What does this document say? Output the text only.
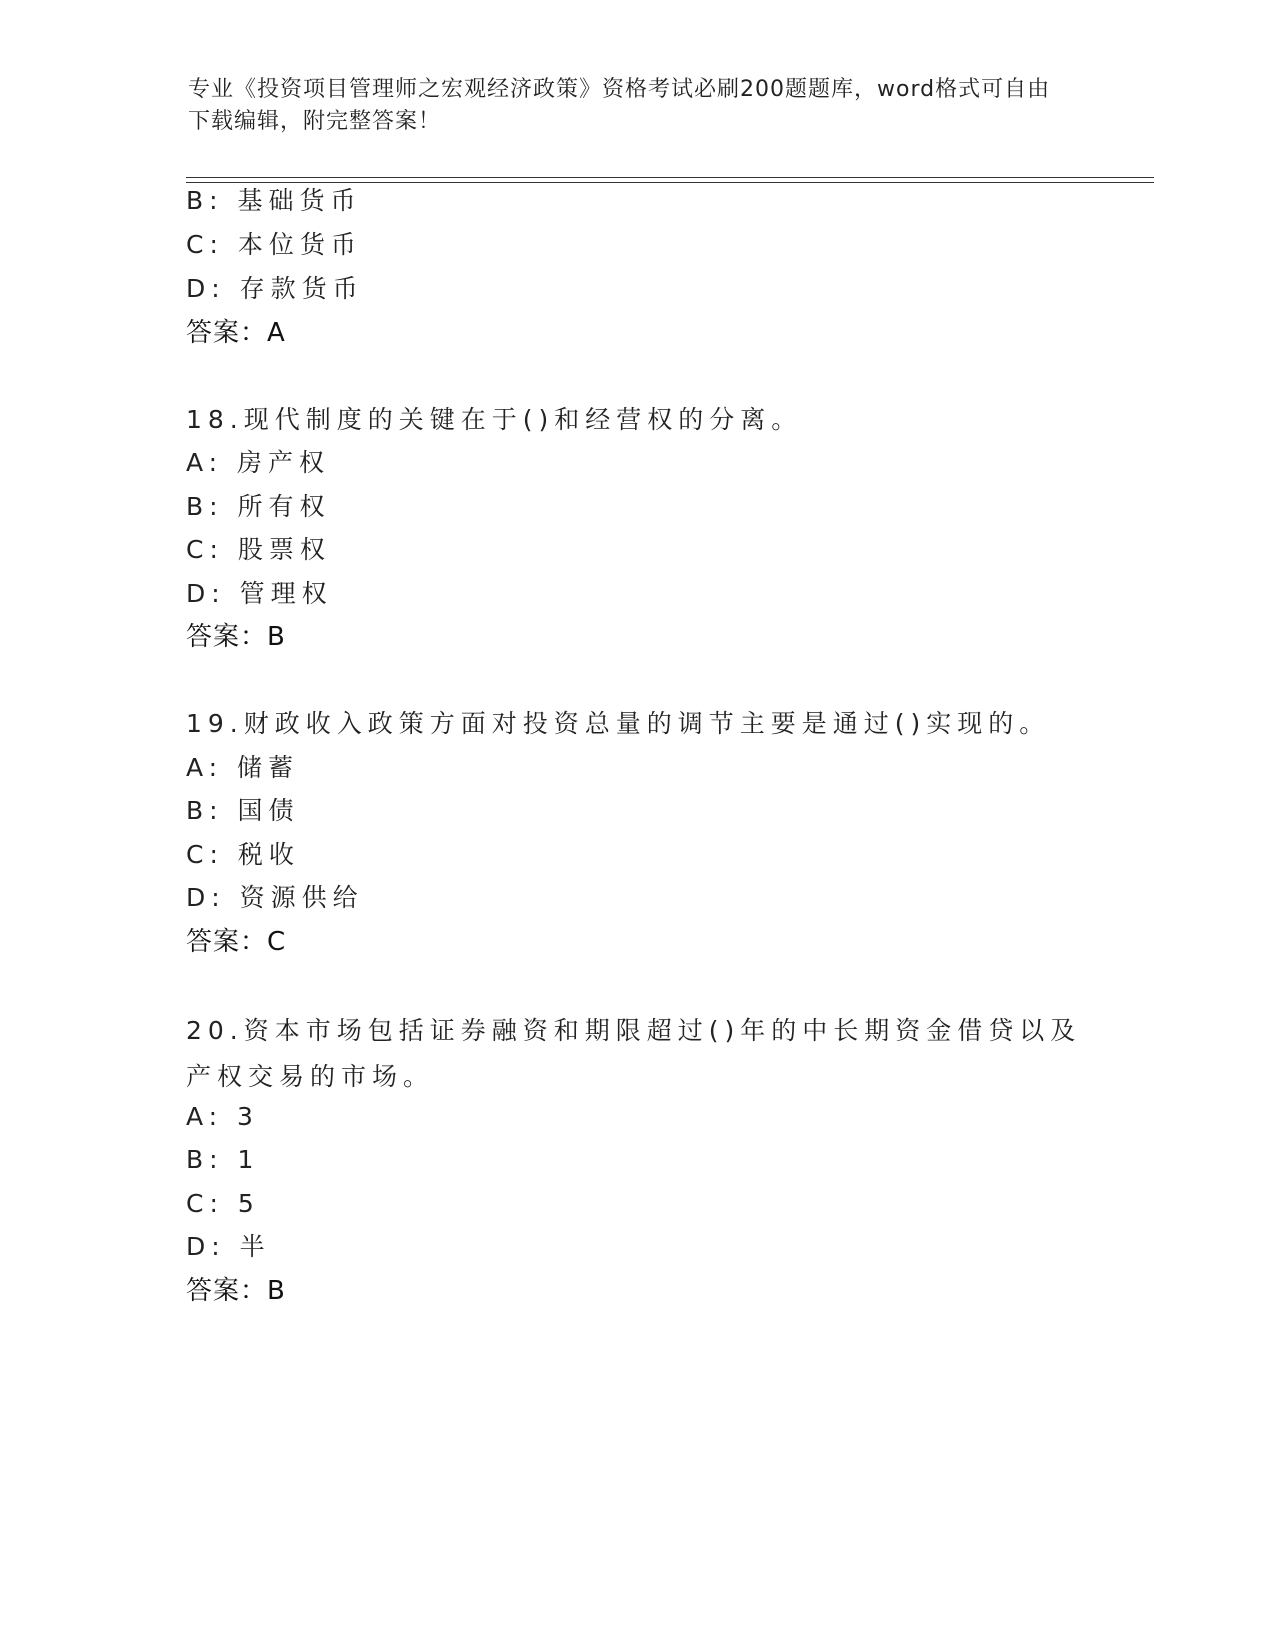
专业《投资项目管理师之宏观经济政策》资格考试必刷200题题库，word格式可自由下载编辑，附完整答案！
B: 基础货币
C: 本位货币
D: 存款货币
答案：A
18.现代制度的关键在于()和经营权的分离。
A: 房产权
B: 所有权
C: 股票权
D: 管理权
答案：B
19.财政收入政策方面对投资总量的调节主要是通过()实现的。
A: 储蓄
B: 国债
C: 税收
D: 资源供给
答案：C
20.资本市场包括证券融资和期限超过()年的中长期资金借贷以及产权交易的市场。
A: 3
B: 1
C: 5
D: 半
答案：B
